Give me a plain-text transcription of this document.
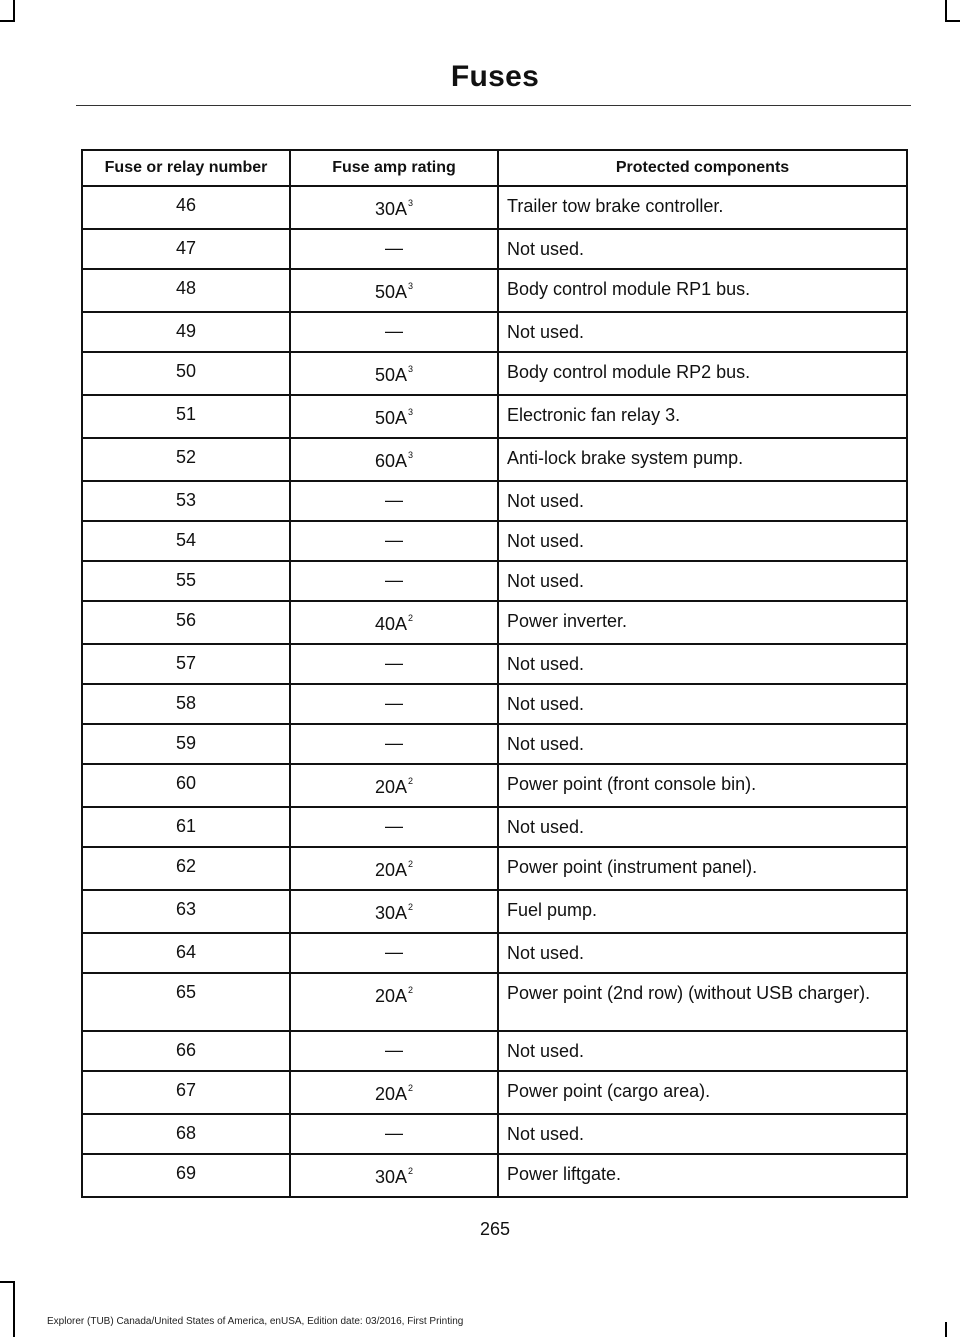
Fuses
Fuse or relay number	Fuse amp rating	Protected components
46	$30A^3$	Trailer tow brake controller.
47	—	Not used.
48	$50A^3$	Body control module RP1 bus.
49	—	Not used.
50	$50A^3$	Body control module RP2 bus.
51	$50A^3$	Electronic fan relay 3.
52	$60A^3$	Anti-lock brake system pump.
53	—	Not used.
54	—	Not used.
55	—	Not used.
56	$40A^2$	Power inverter.
57	—	Not used.
58	—	Not used.
59	—	Not used.
60	$20A^2$	Power point (front console bin).
61	—	Not used.
62	$20A^2$	Power point (instrument panel).
63	$30A^2$	Fuel pump.
64	—	Not used.
65	$20A^2$	Power point (2nd row) (without USB charger).
66	—	Not used.
67	$20A^2$	Power point (cargo area).
68	—	Not used.
69	$30A^2$	Power liftgate.
265
Explorer (TUB) Canada/United States of America, enUSA, Edition date: 03/2016, First Printing
